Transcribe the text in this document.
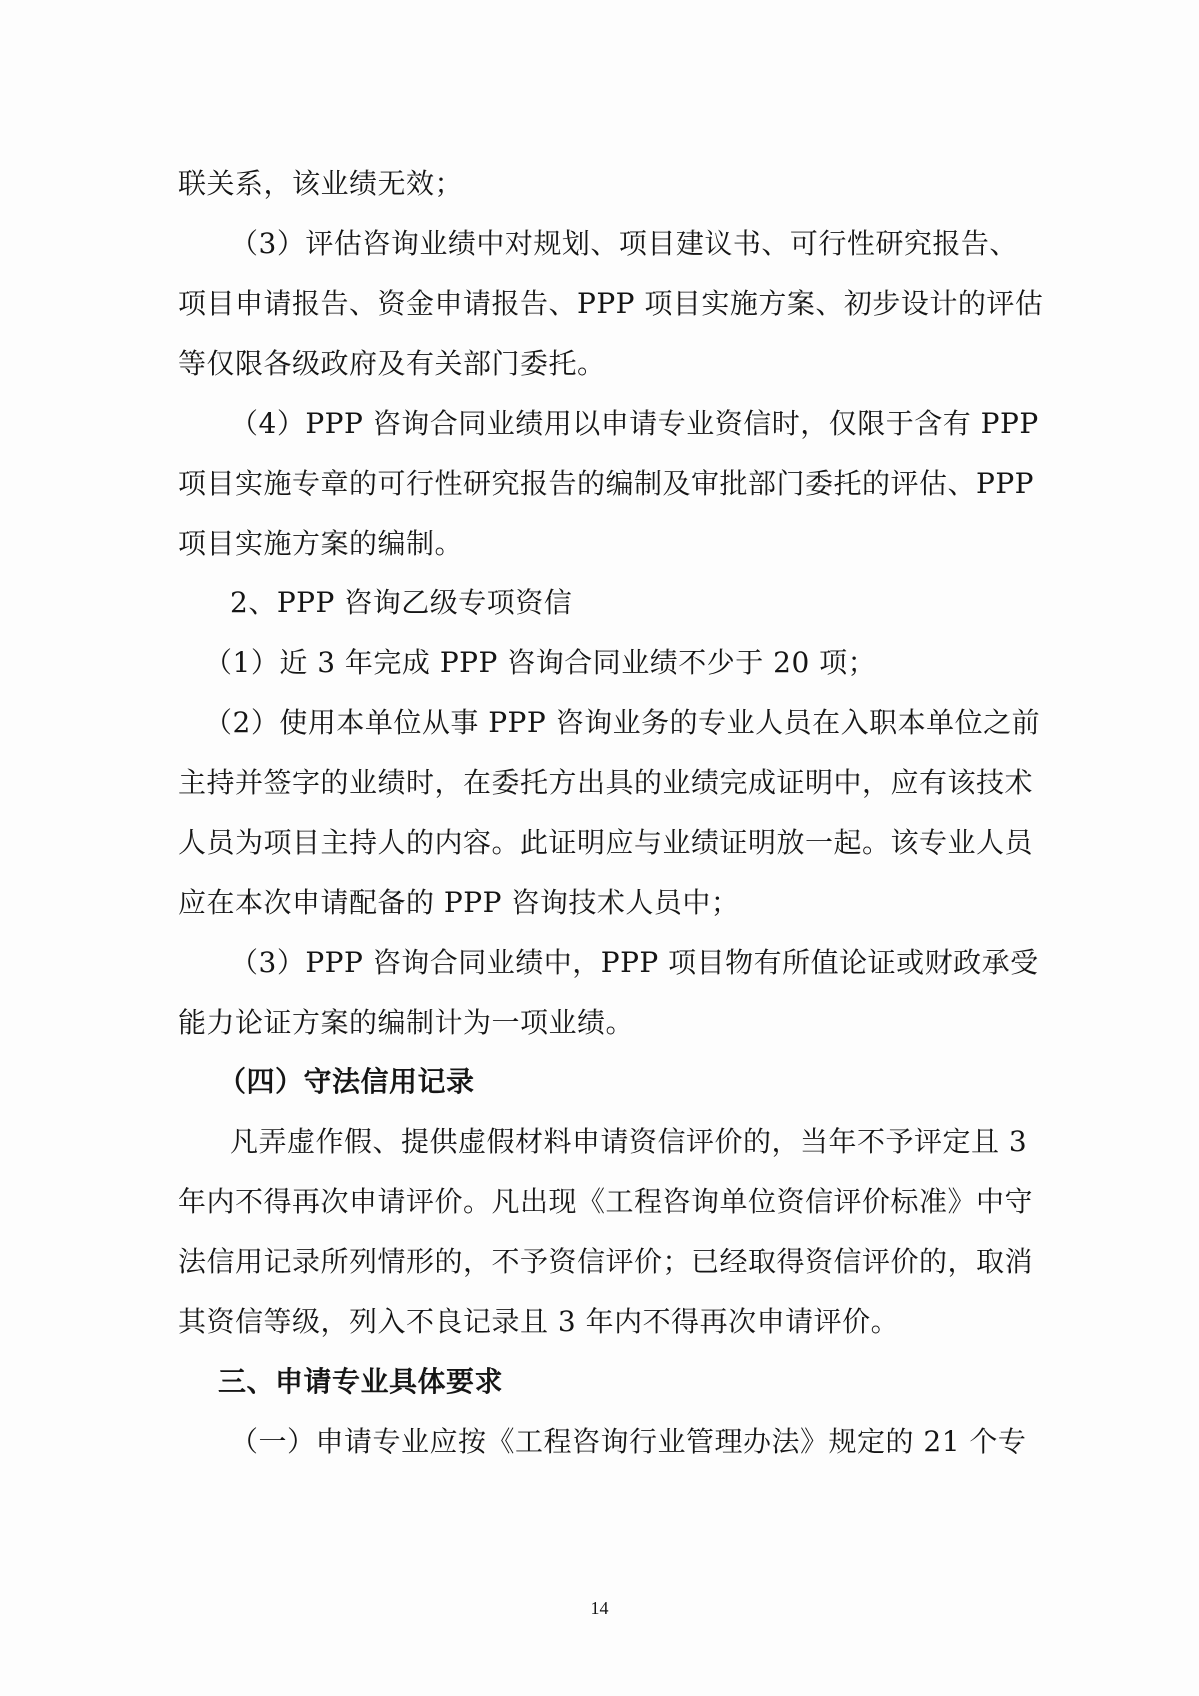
联关系，该业绩无效；
（3）评估咨询业绩中对规划、项目建议书、可行性研究报告、
项目申请报告、资金申请报告、PPP 项目实施方案、初步设计的评估
等仅限各级政府及有关部门委托。
（4）PPP 咨询合同业绩用以申请专业资信时，仅限于含有 PPP
项目实施专章的可行性研究报告的编制及审批部门委托的评估、PPP
项目实施方案的编制。
2、PPP 咨询乙级专项资信
（1）近 3 年完成 PPP 咨询合同业绩不少于 20 项；
（2）使用本单位从事 PPP 咨询业务的专业人员在入职本单位之前
主持并签字的业绩时，在委托方出具的业绩完成证明中，应有该技术
人员为项目主持人的内容。此证明应与业绩证明放一起。该专业人员
应在本次申请配备的 PPP 咨询技术人员中；
（3）PPP 咨询合同业绩中，PPP 项目物有所值论证或财政承受
能力论证方案的编制计为一项业绩。
（四）守法信用记录
凡弄虚作假、提供虚假材料申请资信评价的，当年不予评定且 3
年内不得再次申请评价。凡出现《工程咨询单位资信评价标准》中守
法信用记录所列情形的，不予资信评价；已经取得资信评价的，取消
其资信等级，列入不良记录且 3 年内不得再次申请评价。
三、申请专业具体要求
（一）申请专业应按《工程咨询行业管理办法》规定的 21 个专
14
